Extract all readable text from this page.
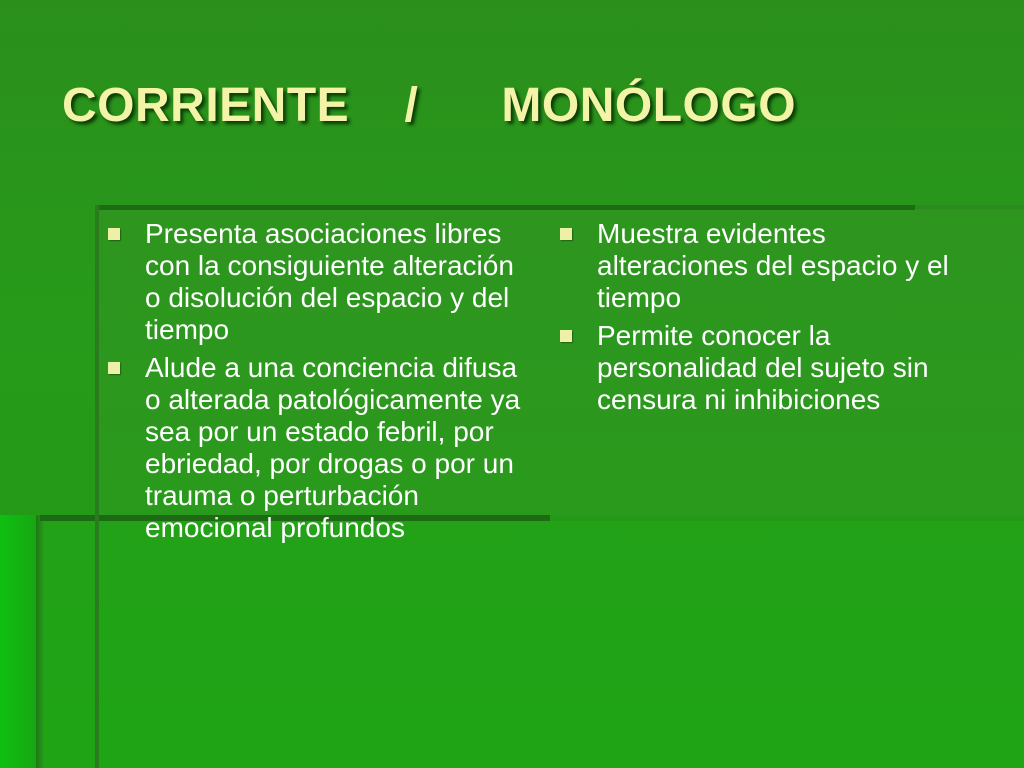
CORRIENTE    /      MONÓLOGO
Presenta asociaciones libres con la consiguiente alteración o disolución del espacio y del tiempo
Alude a una conciencia difusa o alterada patológicamente ya sea por un estado febril, por ebriedad, por drogas o por un trauma o perturbación emocional profundos
Muestra evidentes alteraciones del espacio y el tiempo
Permite conocer la personalidad del sujeto sin censura ni inhibiciones
